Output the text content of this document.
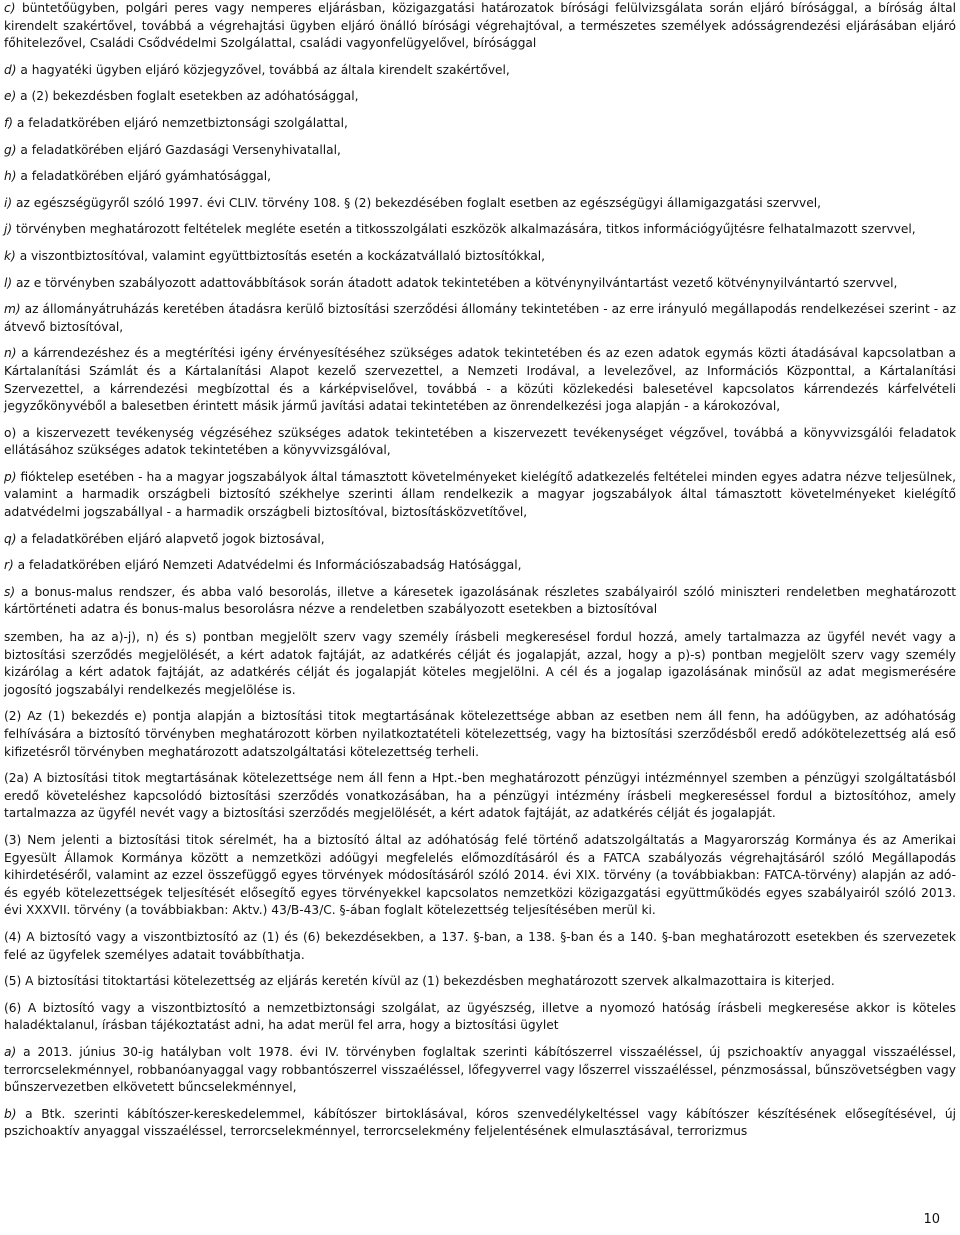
c) büntetőügyben, polgári peres vagy nemperes eljárásban, közigazgatási határozatok bírósági felülvizsgálata során eljáró bírósággal, a bíróság által kirendelt szakértővel, továbbá a végrehajtási ügyben eljáró önálló bírósági végrehajtóval, a természetes személyek adósságrendezési eljárásában eljáró főhitelezővel, Családi Csődvédelmi Szolgálattal, családi vagyonfelügyelővel, bírósággal

d) a hagyatéki ügyben eljáró közjegyzővel, továbbá az általa kirendelt szakértővel,

e) a (2) bekezdésben foglalt esetekben az adóhatósággal,

f) a feladatkörében eljáró nemzetbiztonsági szolgálattal,

g) a feladatkörében eljáró Gazdasági Versenyhivatallal,

h) a feladatkörében eljáró gyámhatósággal,

i) az egészségügyről szóló 1997. évi CLIV. törvény 108. § (2) bekezdésében foglalt esetben az egészségügyi államigazgatási szervvel,

j) törvényben meghatározott feltételek megléte esetén a titkosszolgálati eszközök alkalmazására, titkos információgyűjtésre felhatalmazott szervvel,

k) a viszontbiztosítóval, valamint együttbiztosítás esetén a kockázatvállaló biztosítókkal,

l) az e törvényben szabályozott adattovábbítások során átadott adatok tekintetében a kötvénynyilvántartást vezető kötvénynyilvántartó szervvel,

m) az állományátruházás keretében átadásra kerülő biztosítási szerződési állomány tekintetében - az erre irányuló megállapodás rendelkezései szerint - az átvevő biztosítóval,

n) a kárrendezéshez és a megtérítési igény érvényesítéséhez szükséges adatok tekintetében és az ezen adatok egymás közti átadásával kapcsolatban a Kártalanítási Számlát és a Kártalanítási Alapot kezelő szervezettel, a Nemzeti Irodával, a levelezővel, az Információs Központtal, a Kártalanítási Szervezettel, a kárrendezési megbízottal és a kárképviselővel, továbbá - a közúti közlekedési balesetével kapcsolatos kárrendezés kárfelvételi jegyzőkönyvéből a balesetben érintett másik jármű javítási adatai tekintetében az önrendelkezési joga alapján - a károkozóval,

o) a kiszervezett tevékenység végzéséhez szükséges adatok tekintetében a kiszervezett tevékenységet végzővel, továbbá a könyvvizsgálói feladatok ellátásához szükséges adatok tekintetében a könyvvizsgálóval,

p) fióktelep esetében - ha a magyar jogszabályok által támasztott követelményeket kielégítő adatkezelés feltételei minden egyes adatra nézve teljesülnek, valamint a harmadik országbeli biztosító székhelye szerinti állam rendelkezik a magyar jogszabályok által támasztott követelményeket kielégítő adatvédelmi jogszabállyal - a harmadik országbeli biztosítóval, biztosításközvetítővel,

q) a feladatkörében eljáró alapvető jogok biztosával,

r) a feladatkörében eljáró Nemzeti Adatvédelmi és Információszabadság Hatósággal,

s) a bonus-malus rendszer, és abba való besorolás, illetve a káresetek igazolásának részletes szabályairól szóló miniszteri rendeletben meghatározott kártörténeti adatra és bonus-malus besorolásra nézve a rendeletben szabályozott esetekben a biztosítóval

szemben, ha az a)-j), n) és s) pontban megjelölt szerv vagy személy írásbeli megkeresésel fordul hozzá, amely tartalmazza az ügyfél nevét vagy a biztosítási szerződés megjelölését, a kért adatok fajtáját, az adatkérés célját és jogalapját, azzal, hogy a p)-s) pontban megjelölt szerv vagy személy kizárólag a kért adatok fajtáját, az adatkérés célját és jogalapját köteles megjelölni. A cél és a jogalap igazolásának minősül az adat megismerésére jogosító jogszabályi rendelkezés megjelölése is.

(2) Az (1) bekezdés e) pontja alapján a biztosítási titok megtartásának kötelezettsége abban az esetben nem áll fenn, ha adóügyben, az adóhatóság felhívására a biztosító törvényben meghatározott körben nyilatkoztatételi kötelezettség, vagy ha biztosítási szerződésből eredő adókötelezettség alá eső kifizetésről törvényben meghatározott adatszolgáltatási kötelezettség terheli.

(2a) A biztosítási titok megtartásának kötelezettsége nem áll fenn a Hpt.-ben meghatározott pénzügyi intézménnyel szemben a pénzügyi szolgáltatásból eredő követeléshez kapcsolódó biztosítási szerződés vonatkozásában, ha a pénzügyi intézmény írásbeli megkereséssel fordul a biztosítóhoz, amely tartalmazza az ügyfél nevét vagy a biztosítási szerződés megjelölését, a kért adatok fajtáját, az adatkérés célját és jogalapját.

(3) Nem jelenti a biztosítási titok sérelmét, ha a biztosító által az adóhatóság felé történő adatszolgáltatás a Magyarország Kormánya és az Amerikai Egyesült Államok Kormánya között a nemzetközi adóügyi megfelelés előmozdításáról és a FATCA szabályozás végrehajtásáról szóló Megállapodás kihirdetéséről, valamint az ezzel összefüggő egyes törvények módosításáról szóló 2014. évi XIX. törvény (a továbbiakban: FATCA-törvény) alapján az adó- és egyéb kötelezettségek teljesítését elősegítő egyes törvényekkel kapcsolatos nemzetközi közigazgatási együttműködés egyes szabályairól szóló 2013. évi XXXVII. törvény (a továbbiakban: Aktv.) 43/B-43/C. §-ában foglalt kötelezettség teljesítésében merül ki.

(4) A biztosító vagy a viszontbiztosító az (1) és (6) bekezdésekben, a 137. §-ban, a 138. §-ban és a 140. §-ban meghatározott esetekben és szervezetek felé az ügyfelek személyes adatait továbbíthatja.

(5) A biztosítási titoktartási kötelezettség az eljárás keretén kívül az (1) bekezdésben meghatározott szervek alkalmazottaira is kiterjed.

(6) A biztosító vagy a viszontbiztosító a nemzetbiztonsági szolgálat, az ügyészség, illetve a nyomozó hatóság írásbeli megkeresése akkor is köteles haladéktalanul, írásban tájékoztatást adni, ha adat merül fel arra, hogy a biztosítási ügylet

a) a 2013. június 30-ig hatályban volt 1978. évi IV. törvényben foglaltak szerinti kábítószerrel visszaéléssel, új pszichoaktív anyaggal visszaéléssel, terrorcselekménnyel, robbanóanyaggal vagy robbantószerrel visszaéléssel, lőfegyverrel vagy lőszerrel visszaéléssel, pénzmosással, bűnszövetségben vagy bűnszervezetben elkövetett bűncselekménnyel,

b) a Btk. szerinti kábítószer-kereskedelemmel, kábítószer birtoklásával, kóros szenvedélykeltéssel vagy kábítószer készítésének elősegítésével, új pszichoaktív anyaggal visszaéléssel, terrorcselekménnyel, terrorcselekmény feljelentésének elmulasztásával, terrorizmus

10
